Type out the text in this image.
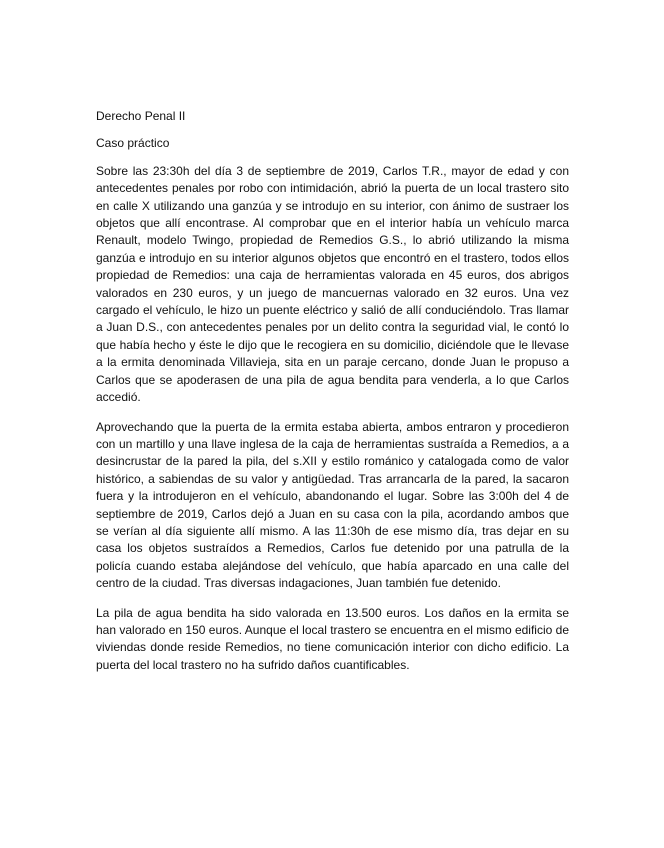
Derecho Penal II
Caso práctico

Sobre las 23:30h del día 3 de septiembre de 2019, Carlos T.R., mayor de edad y con antecedentes penales por robo con intimidación, abrió la puerta de un local trastero sito en calle X utilizando una ganzúa y se introdujo en su interior, con ánimo de sustraer los objetos que allí encontrase. Al comprobar que en el interior había un vehículo marca Renault, modelo Twingo, propiedad de Remedios G.S., lo abrió utilizando la misma ganzúa e introdujo en su interior algunos objetos que encontró en el trastero, todos ellos propiedad de Remedios: una caja de herramientas valorada en 45 euros, dos abrigos valorados en 230 euros, y un juego de mancuernas valorado en 32 euros. Una vez cargado el vehículo, le hizo un puente eléctrico y salió de allí conduciéndolo. Tras llamar a Juan D.S., con antecedentes penales por un delito contra la seguridad vial, le contó lo que había hecho y éste le dijo que le recogiera en su domicilio, diciéndole que le llevase a la ermita denominada Villavieja, sita en un paraje cercano, donde Juan le propuso a Carlos que se apoderasen de una pila de agua bendita para venderla, a lo que Carlos accedió.

Aprovechando que la puerta de la ermita estaba abierta, ambos entraron y procedieron con un martillo y una llave inglesa de la caja de herramientas sustraída a Remedios, a a desincrustar de la pared la pila, del s.XII y estilo románico y catalogada como de valor histórico, a sabiendas de su valor y antigüedad. Tras arrancarla de la pared, la sacaron fuera y la introdujeron en el vehículo, abandonando el lugar. Sobre las 3:00h del 4 de septiembre de 2019, Carlos dejó a Juan en su casa con la pila, acordando ambos que se verían al día siguiente allí mismo. A las 11:30h de ese mismo día, tras dejar en su casa los objetos sustraídos a Remedios, Carlos fue detenido por una patrulla de la policía cuando estaba alejándose del vehículo, que había aparcado en una calle del centro de la ciudad. Tras diversas indagaciones, Juan también fue detenido.

La pila de agua bendita ha sido valorada en 13.500 euros. Los daños en la ermita se han valorado en 150 euros. Aunque el local trastero se encuentra en el mismo edificio de viviendas donde reside Remedios, no tiene comunicación interior con dicho edificio. La puerta del local trastero no ha sufrido daños cuantificables.
